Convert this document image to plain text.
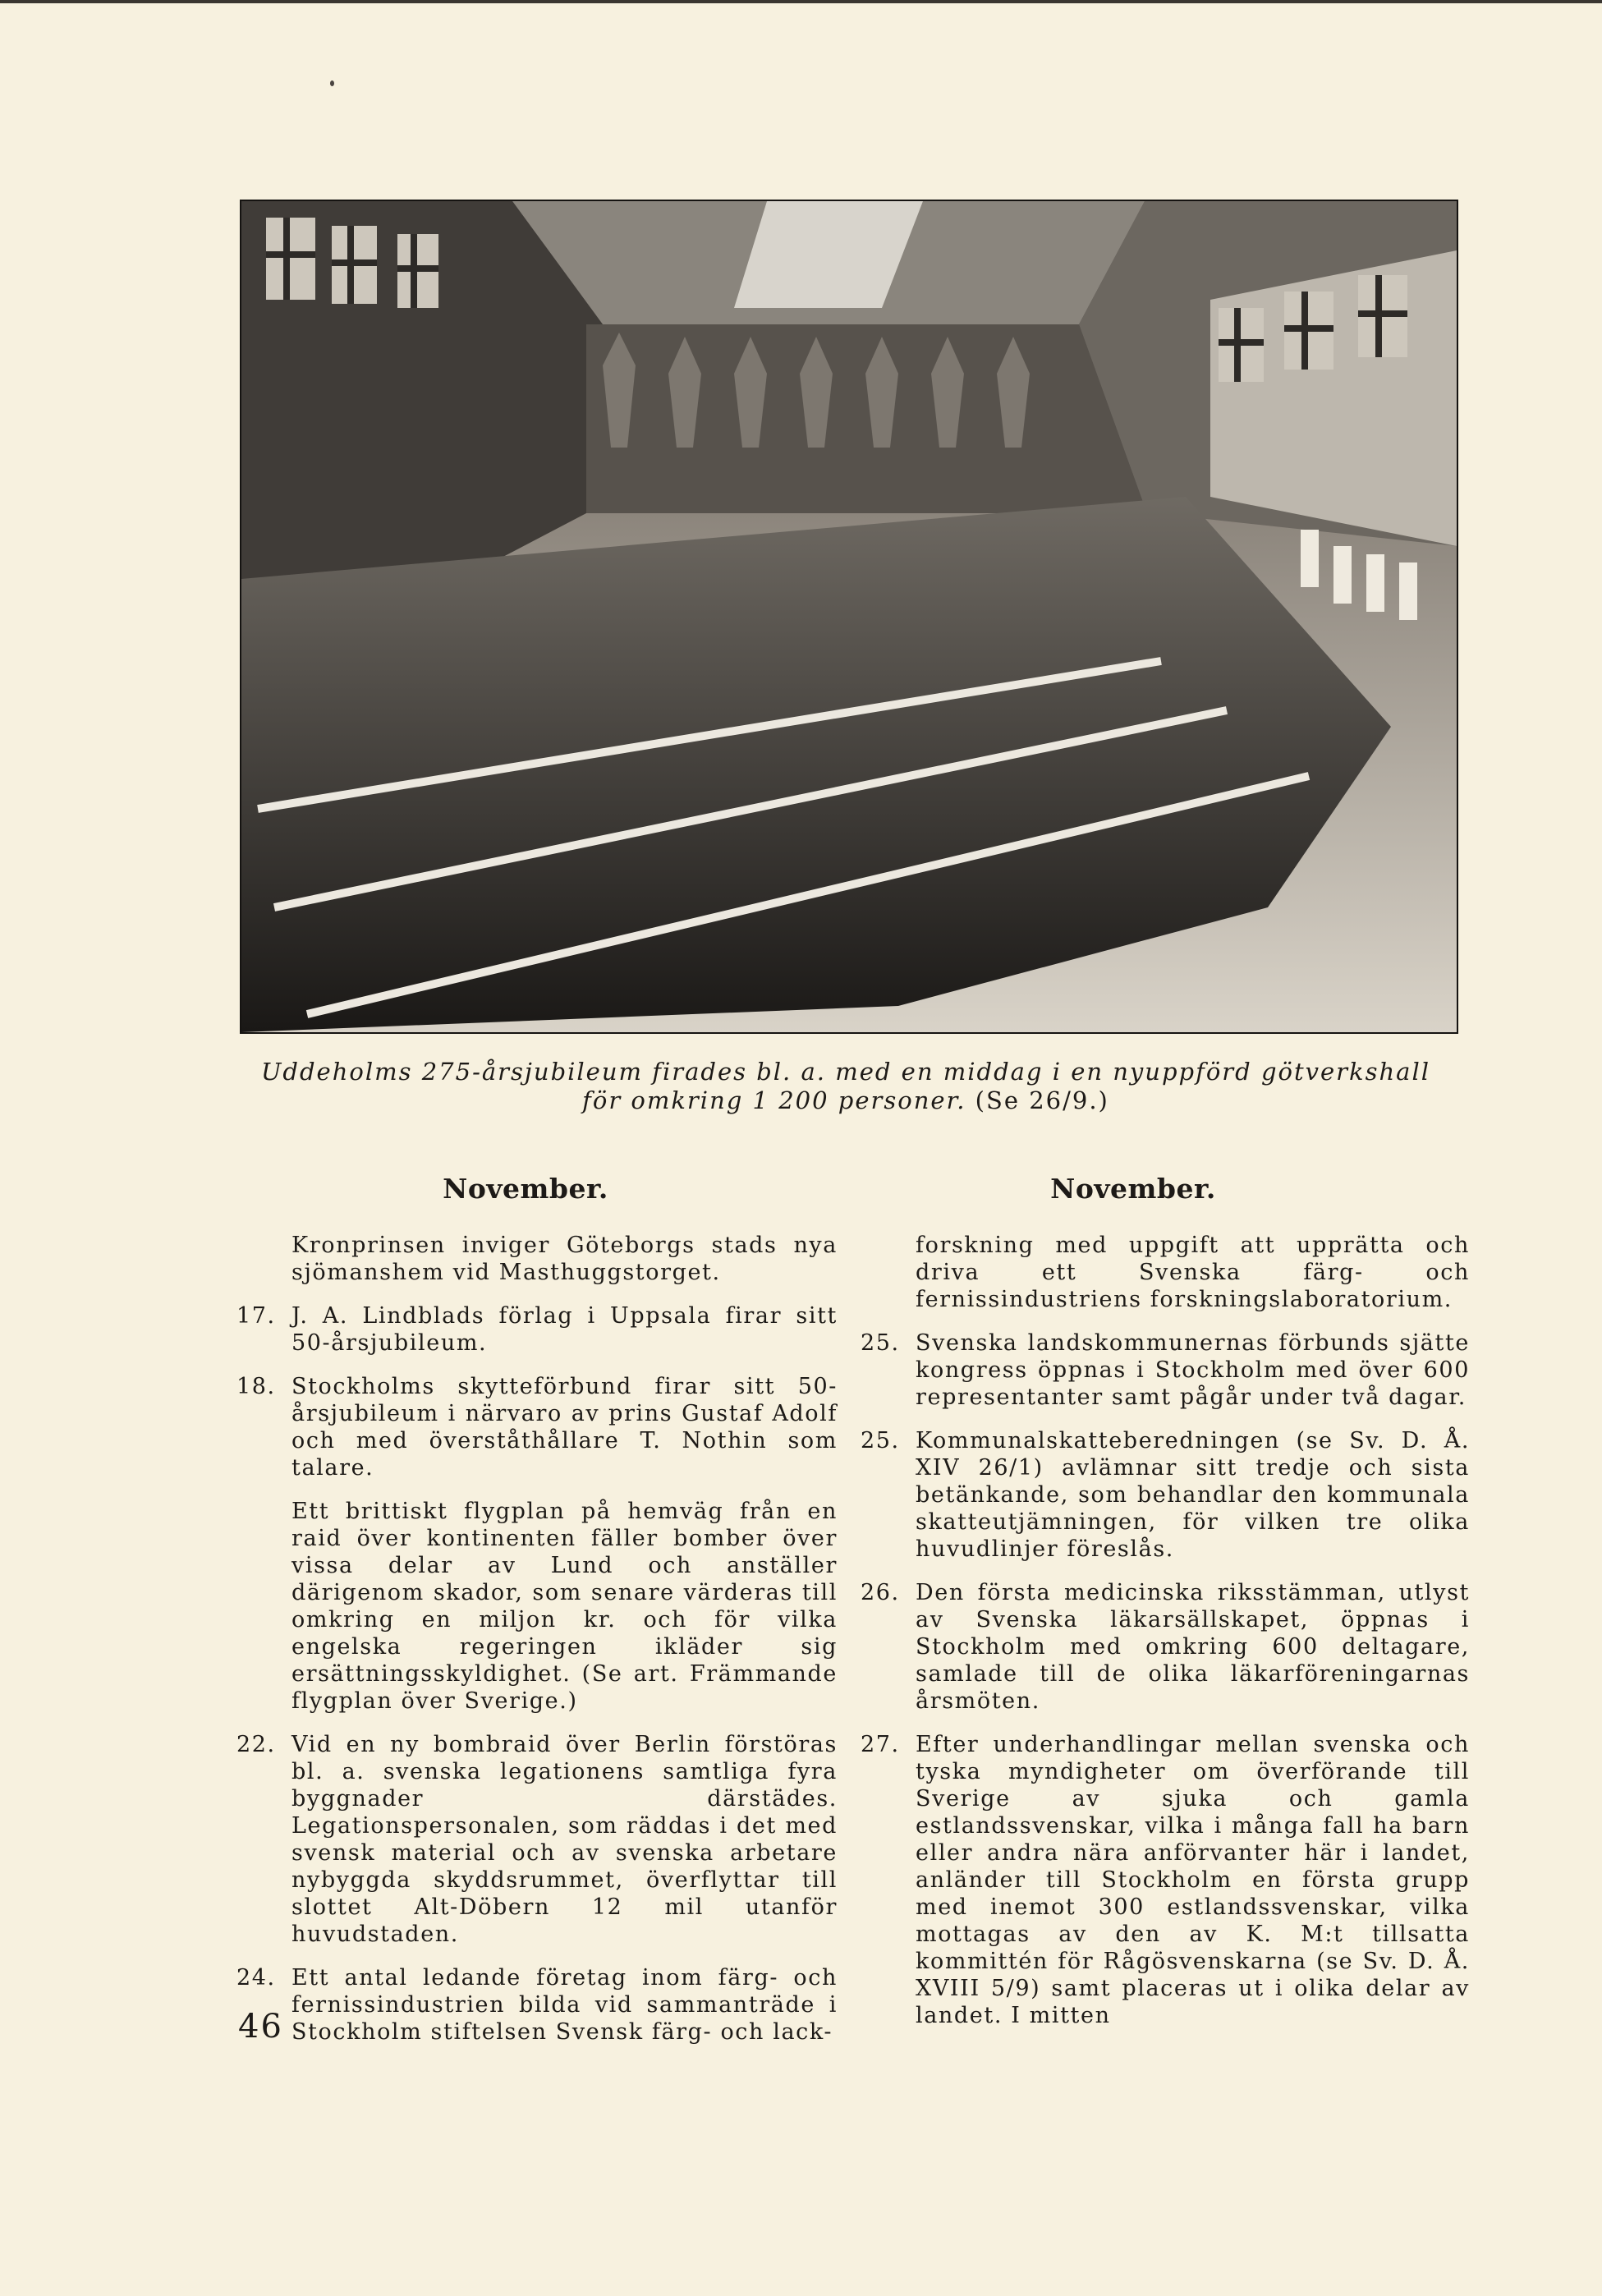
Uddeholms 275-årsjubileum firades bl. a. med en middag i en nyuppförd götverkshall för omkring 1 200 personer. (Se 26/9.)
November.

Kronprinsen inviger Göteborgs stads nya sjömanshem vid Masthuggstorget.

17. J. A. Lindblads förlag i Uppsala firar sitt 50-årsjubileum.

18. Stockholms skytteförbund firar sitt 50-årsjubileum i närvaro av prins Gustaf Adolf och med överståthållare T. Nothin som talare.

Ett brittiskt flygplan på hemväg från en raid över kontinenten fäller bomber över vissa delar av Lund och anställer därigenom skador, som senare värderas till omkring en miljon kr. och för vilka engelska regeringen ikläder sig ersättningsskyldighet. (Se art. Främmande flygplan över Sverige.)

22. Vid en ny bombraid över Berlin förstöras bl. a. svenska legationens samtliga fyra byggnader därstädes. Legationspersonalen, som räddas i det med svensk material och av svenska arbetare nybyggda skyddsrummet, överflyttar till slottet Alt-Döbern 12 mil utanför huvudstaden.

24. Ett antal ledande företag inom färg- och fernissindustrien bilda vid sammanträde i Stockholm stiftelsen Svensk färg- och lack-

November.

forskning med uppgift att upprätta och driva ett Svenska färg- och fernissindustriens forskningslaboratorium.

25. Svenska landskommunernas förbunds sjätte kongress öppnas i Stockholm med över 600 representanter samt pågår under två dagar.

25. Kommunalskatteberedningen (se Sv. D. Å. XIV 26/1) avlämnar sitt tredje och sista betänkande, som behandlar den kommunala skatteutjämningen, för vilken tre olika huvudlinjer föreslås.

26. Den första medicinska riksstämman, utlyst av Svenska läkarsällskapet, öppnas i Stockholm med omkring 600 deltagare, samlade till de olika läkarföreningarnas årsmöten.

27. Efter underhandlingar mellan svenska och tyska myndigheter om överförande till Sverige av sjuka och gamla estlandssvenskar, vilka i många fall ha barn eller andra nära anförvanter här i landet, anländer till Stockholm en första grupp med inemot 300 estlandssvenskar, vilka mottagas av den av K. M:t tillsatta kommittén för Rågösvenskarna (se Sv. D. Å. XVIII 5/9) samt placeras ut i olika delar av landet. I mitten

46
